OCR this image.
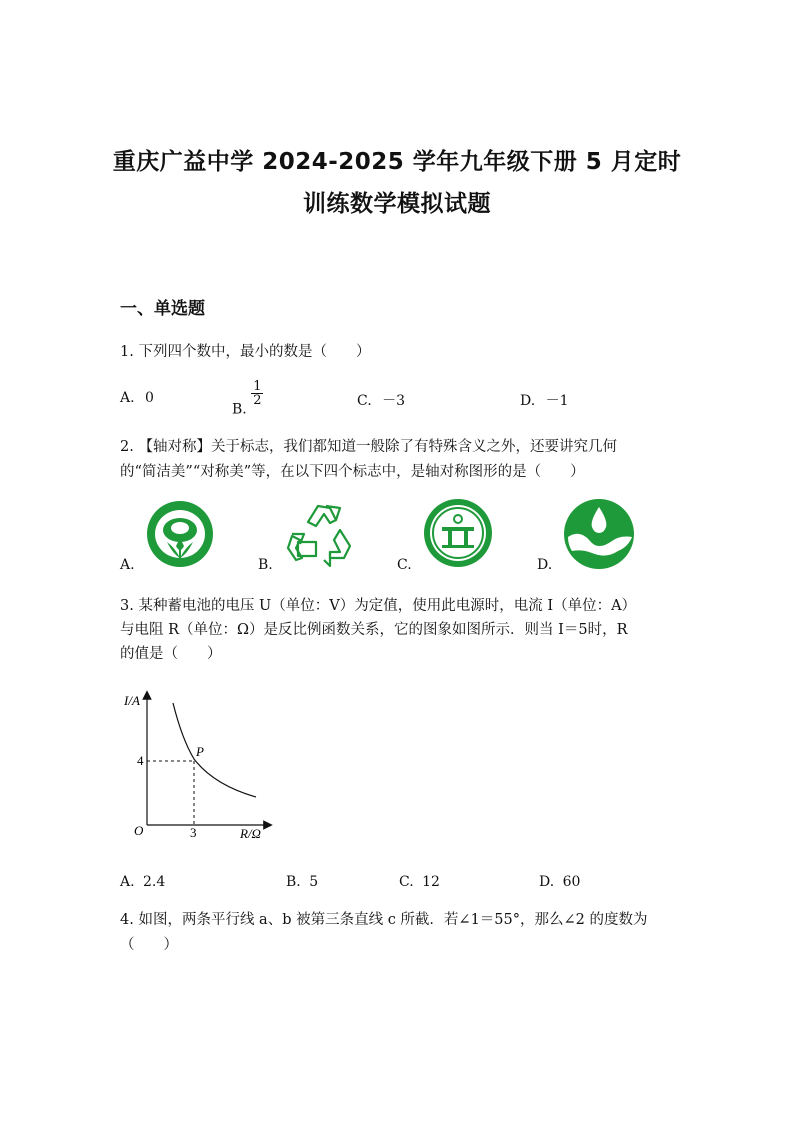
重庆广益中学 2024-2025 学年九年级下册 5 月定时
训练数学模拟试题
一、单选题
1. 下列四个数中，最小的数是（　　）
A. 0
B.
$\frac{1}{2}$	C. －3	D. －1
2. 【轴对称】关于标志，我们都知道一般除了有特殊含义之外，还要讲究几何
的“简洁美”“对称美”等，在以下四个标志中，是轴对称图形的是（　　）
A.	B.	C.	D.
3. 某种蓄电池的电压 U（单位：V）为定值，使用此电源时，电流 I（单位：A）
与电阻 R（单位：Ω）是反比例函数关系，它的图象如图所示．则当 I＝5时，R
的值是（　　）
I/A
R/Ω
O
P
4
3
A. 2.4	B. 5	C. 12	D. 60
4. 如图，两条平行线 a、b 被第三条直线 c 所截．若∠1＝55°，那么∠2 的度数为
（　　）
